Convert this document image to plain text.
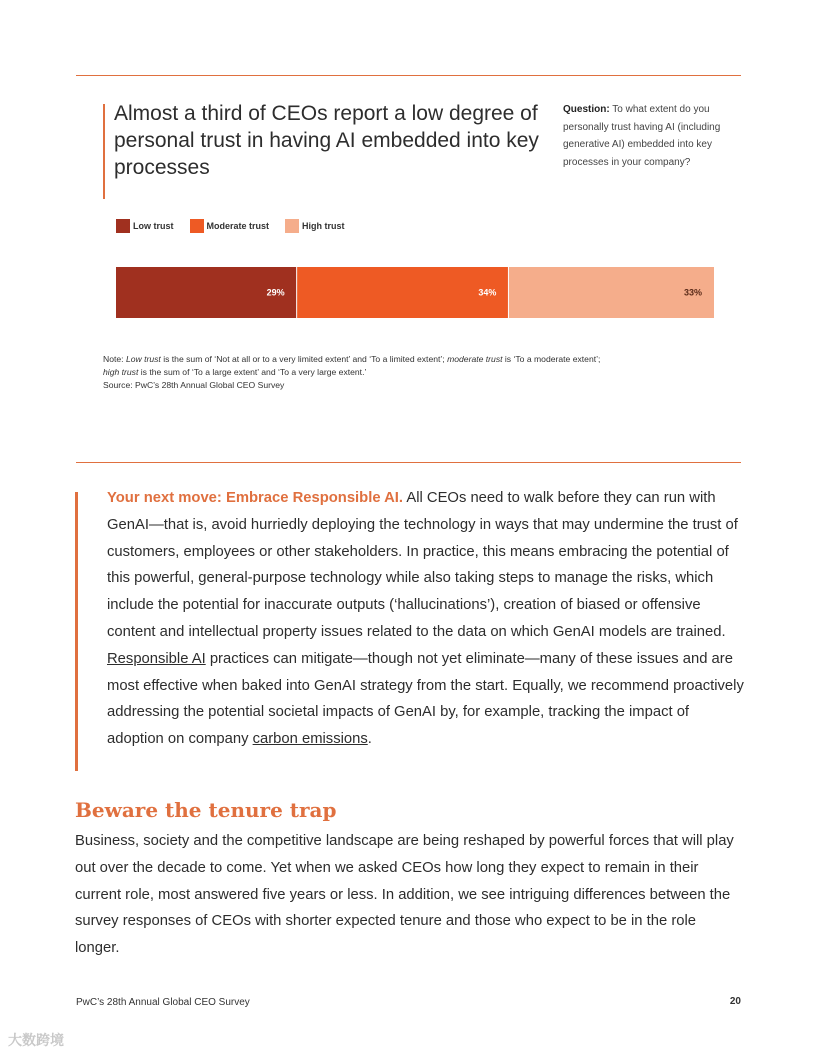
Almost a third of CEOs report a low degree of personal trust in having AI embedded into key processes
Question: To what extent do you personally trust having AI (including generative AI) embedded into key processes in your company?
Low trust	Moderate trust	High trust
29%	34%	33%
Note: Low trust is the sum of ‘Not at all or to a very limited extent’ and ‘To a limited extent’; moderate trust is ‘To a moderate extent’;
high trust is the sum of ‘To a large extent’ and ‘To a very large extent.’
Source: PwC’s 28th Annual Global CEO Survey

Your next move: Embrace Responsible AI. All CEOs need to walk before they can run with GenAI—that is, avoid hurriedly deploying the technology in ways that may undermine the trust of customers, employees or other stakeholders. In practice, this means embracing the potential of this powerful, general-purpose technology while also taking steps to manage the risks, which include the potential for inaccurate outputs (‘hallucinations’), creation of biased or offensive content and intellectual property issues related to the data on which GenAI models are trained. Responsible AI practices can mitigate—though not yet eliminate—many of these issues and are most effective when baked into GenAI strategy from the start. Equally, we recommend proactively addressing the potential societal impacts of GenAI by, for example, tracking the impact of adoption on company carbon emissions.

Beware the tenure trap

Business, society and the competitive landscape are being reshaped by powerful forces that will play out over the decade to come. Yet when we asked CEOs how long they expect to remain in their current role, most answered five years or less. In addition, we see intriguing differences between the survey responses of CEOs with shorter expected tenure and those who expect to be in the role longer.

PwC’s 28th Annual Global CEO Survey	20
大数跨境
